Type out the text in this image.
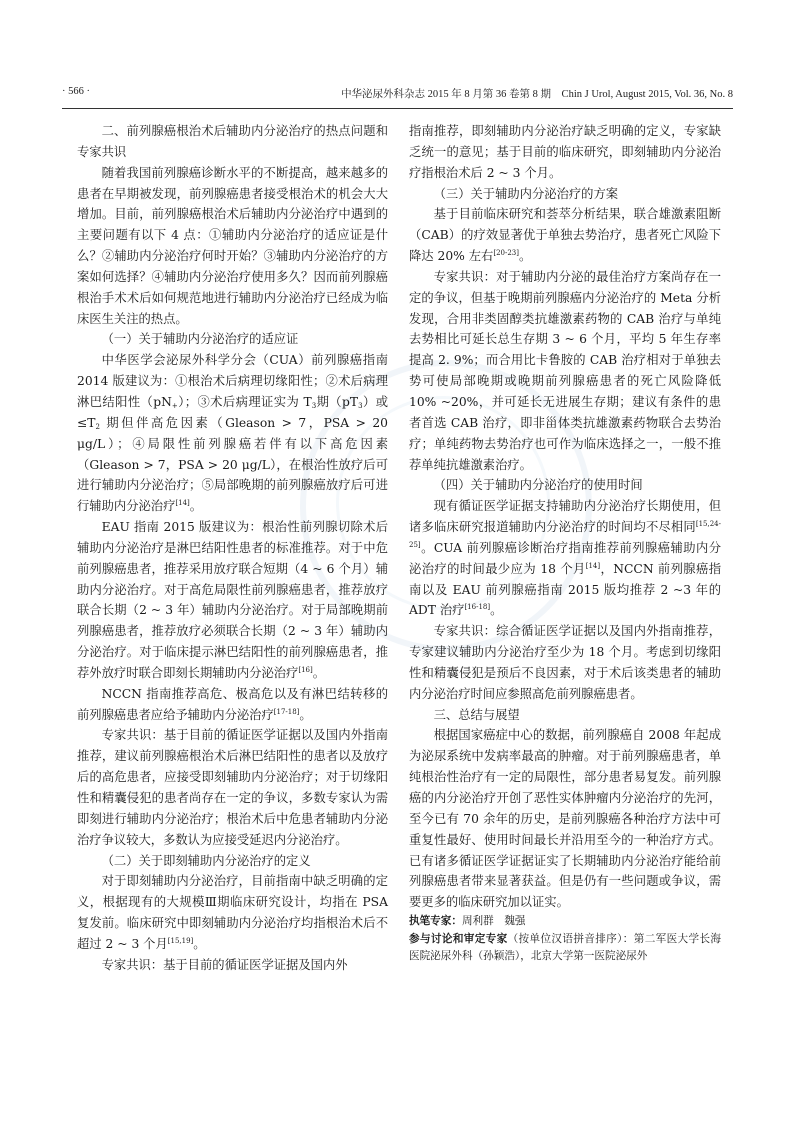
· 566 ·	中华泌尿外科杂志 2015 年 8 月第 36 卷第 8 期　Chin J Urol, August 2015, Vol. 36, No. 8

二、前列腺癌根治术后辅助内分泌治疗的热点问题和专家共识

随着我国前列腺癌诊断水平的不断提高，越来越多的患者在早期被发现，前列腺癌患者接受根治术的机会大大增加。目前，前列腺癌根治术后辅助内分泌治疗中遇到的主要问题有以下 4 点：①辅助内分泌治疗的适应证是什么？②辅助内分泌治疗何时开始？③辅助内分泌治疗的方案如何选择？④辅助内分泌治疗使用多久？因而前列腺癌根治手术术后如何规范地进行辅助内分泌治疗已经成为临床医生关注的热点。

（一）关于辅助内分泌治疗的适应证

中华医学会泌尿外科学分会（CUA）前列腺癌指南 2014 版建议为：①根治术后病理切缘阳性；②术后病理淋巴结阳性$(pN_+)$；③术后病理证实为 $T_3$期$(pT_3)$或$\le T_2$ 期但伴高危因素（Gleason > 7，PSA > 20 μg/L）；④局限性前列腺癌若伴有以下高危因素（Gleason > 7，PSA > 20 μg/L），在根治性放疗后可进行辅助内分泌治疗；⑤局部晚期的前列腺癌放疗后可进行辅助内分泌治疗[14]。

EAU 指南 2015 版建议为：根治性前列腺切除术后辅助内分泌治疗是淋巴结阳性患者的标准推荐。对于中危前列腺癌患者，推荐采用放疗联合短期（4 ~ 6 个月）辅助内分泌治疗。对于高危局限性前列腺癌患者，推荐放疗联合长期（2 ~ 3 年）辅助内分泌治疗。对于局部晚期前列腺癌患者，推荐放疗必须联合长期（2 ~ 3 年）辅助内分泌治疗。对于临床提示淋巴结阳性的前列腺癌患者，推荐外放疗时联合即刻长期辅助内分泌治疗[16]。

NCCN 指南推荐高危、极高危以及有淋巴结转移的前列腺癌患者应给予辅助内分泌治疗[17-18]。

专家共识：基于目前的循证医学证据以及国内外指南推荐，建议前列腺癌根治术后淋巴结阳性的患者以及放疗后的高危患者，应接受即刻辅助内分泌治疗；对于切缘阳性和精囊侵犯的患者尚存在一定的争议，多数专家认为需即刻进行辅助内分泌治疗；根治术后中危患者辅助内分泌治疗争议较大，多数认为应接受延迟内分泌治疗。

（二）关于即刻辅助内分泌治疗的定义

对于即刻辅助内分泌治疗，目前指南中缺乏明确的定义，根据现有的大规模Ⅲ期临床研究设计，均指在 PSA 复发前。临床研究中即刻辅助内分泌治疗均指根治术后不超过 2 ~ 3 个月[15,19]。

专家共识：基于目前的循证医学证据及国内外

指南推荐，即刻辅助内分泌治疗缺乏明确的定义，专家缺乏统一的意见；基于目前的临床研究，即刻辅助内分泌治疗指根治术后 2 ~ 3 个月。

（三）关于辅助内分泌治疗的方案

基于目前临床研究和荟萃分析结果，联合雄激素阻断（CAB）的疗效显著优于单独去势治疗，患者死亡风险下降达 20% 左右[20-23]。

专家共识：对于辅助内分泌的最佳治疗方案尚存在一定的争议，但基于晚期前列腺癌内分泌治疗的 Meta 分析发现，合用非类固醇类抗雄激素药物的 CAB 治疗与单纯去势相比可延长总生存期 3 ~ 6 个月，平均 5 年生存率提高 2. 9%；而合用比卡鲁胺的 CAB 治疗相对于单独去势可使局部晚期或晚期前列腺癌患者的死亡风险降低 10% ~20%，并可延长无进展生存期；建议有条件的患者首选 CAB 治疗，即非甾体类抗雄激素药物联合去势治疗；单纯药物去势治疗也可作为临床选择之一，一般不推荐单纯抗雄激素治疗。

（四）关于辅助内分泌治疗的使用时间

现有循证医学证据支持辅助内分泌治疗长期使用，但诸多临床研究报道辅助内分泌治疗的时间均不尽相同[15,24-25]。CUA 前列腺癌诊断治疗指南推荐前列腺癌辅助内分泌治疗的时间最少应为 18 个月[14]，NCCN 前列腺癌指南以及 EAU 前列腺癌指南 2015 版均推荐 2 ~3 年的 ADT 治疗[16-18]。

专家共识：综合循证医学证据以及国内外指南推荐，专家建议辅助内分泌治疗至少为 18 个月。考虑到切缘阳性和精囊侵犯是预后不良因素，对于术后该类患者的辅助内分泌治疗时间应参照高危前列腺癌患者。

三、总结与展望

根据国家癌症中心的数据，前列腺癌自 2008 年起成为泌尿系统中发病率最高的肿瘤。对于前列腺癌患者，单纯根治性治疗有一定的局限性，部分患者易复发。前列腺癌的内分泌治疗开创了恶性实体肿瘤内分泌治疗的先河，至今已有 70 余年的历史，是前列腺癌各种治疗方法中可重复性最好、使用时间最长并沿用至今的一种治疗方式。已有诸多循证医学证据证实了长期辅助内分泌治疗能给前列腺癌患者带来显著获益。但是仍有一些问题或争议，需要更多的临床研究加以证实。

执笔专家：周利群　魏强

参与讨论和审定专家（按单位汉语拼音排序）：第二军医大学长海医院泌尿外科（孙颖浩），北京大学第一医院泌尿外
